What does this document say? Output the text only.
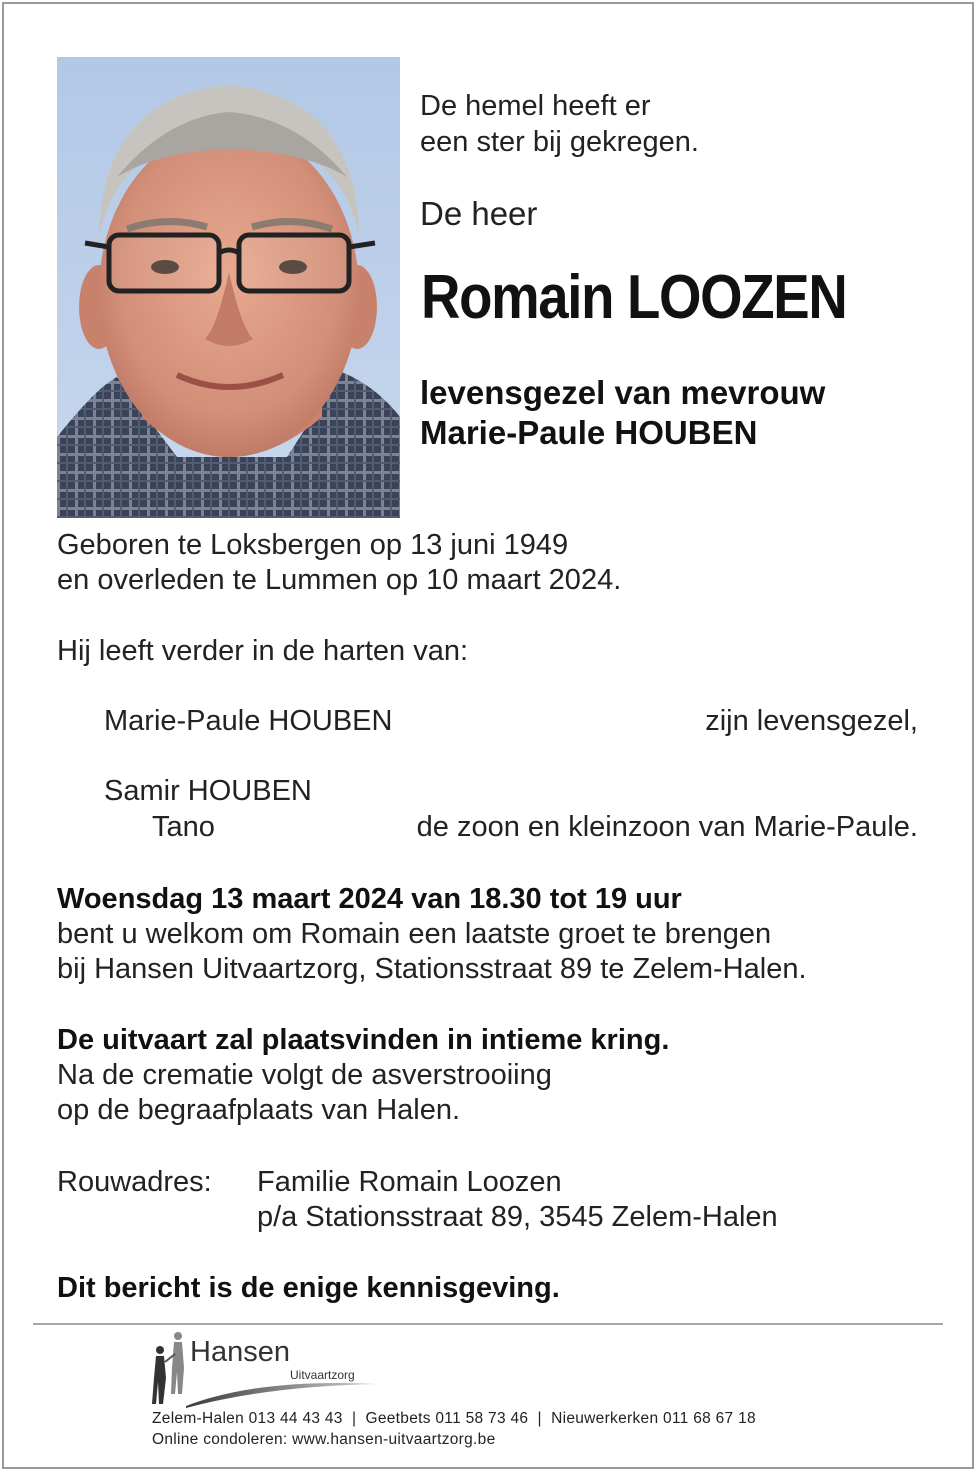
De hemel heeft er
een ster bij gekregen.
De heer
Romain LOOZEN
levensgezel van mevrouw
Marie-Paule HOUBEN
Geboren te Loksbergen op 13 juni 1949
en overleden te Lummen op 10 maart 2024.
Hij leeft verder in de harten van:
Marie-Paule HOUBEN	zijn levensgezel,
Samir HOUBEN
Tano	de zoon en kleinzoon van Marie-Paule.
Woensdag 13 maart 2024 van 18.30 tot 19 uur
bent u welkom om Romain een laatste groet te brengen
bij Hansen Uitvaartzorg, Stationsstraat 89 te Zelem-Halen.
De uitvaart zal plaatsvinden in intieme kring.
Na de crematie volgt de asverstrooiing
op de begraafplaats van Halen.
Rouwadres: Familie Romain Loozen
p/a Stationsstraat 89, 3545 Zelem-Halen
Dit bericht is de enige kennisgeving.
Hansen
Uitvaartzorg
Zelem-Halen 013 44 43 43  |  Geetbets 011 58 73 46  |  Nieuwerkerken 011 68 67 18
Online condoleren: www.hansen-uitvaartzorg.be
